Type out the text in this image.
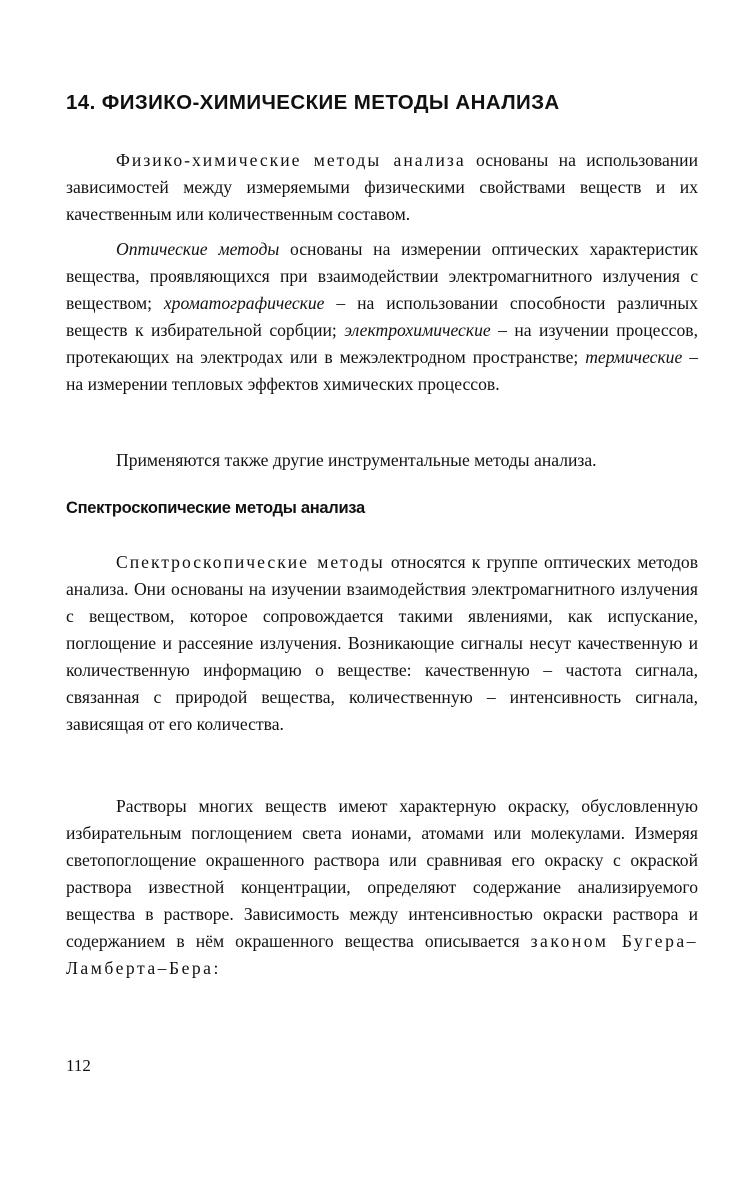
14. ФИЗИКО-ХИМИЧЕСКИЕ МЕТОДЫ АНАЛИЗА

Физико-химические методы анализа основаны на использовании зависимостей между измеряемыми физическими свойствами веществ и их качественным или количественным составом.

Оптические методы основаны на измерении оптических характеристик вещества, проявляющихся при взаимодействии электромагнитного излучения с веществом; хроматографические – на использовании способности различных веществ к избирательной сорбции; электрохимические – на изучении процессов, протекающих на электродах или в межэлектродном пространстве; термические – на измерении тепловых эффектов химических процессов.

Применяются также другие инструментальные методы анализа.

Спектроскопические методы анализа

Спектроскопические методы относятся к группе оптических методов анализа. Они основаны на изучении взаимодействия электромагнитного излучения с веществом, которое сопровождается такими явлениями, как испускание, поглощение и рассеяние излучения. Возникающие сигналы несут качественную и количественную информацию о веществе: качественную – частота сигнала, связанная с природой вещества, количественную – интенсивность сигнала, зависящая от его количества.

Растворы многих веществ имеют характерную окраску, обусловленную избирательным поглощением света ионами, атомами или молекулами. Измеряя светопоглощение окрашенного раствора или сравнивая его окраску с окраской раствора известной концентрации, определяют содержание анализируемого вещества в растворе. Зависимость между интенсивностью окраски раствора и содержанием в нём окрашенного вещества описывается законом Бугера–Ламберта–Бера:

112
